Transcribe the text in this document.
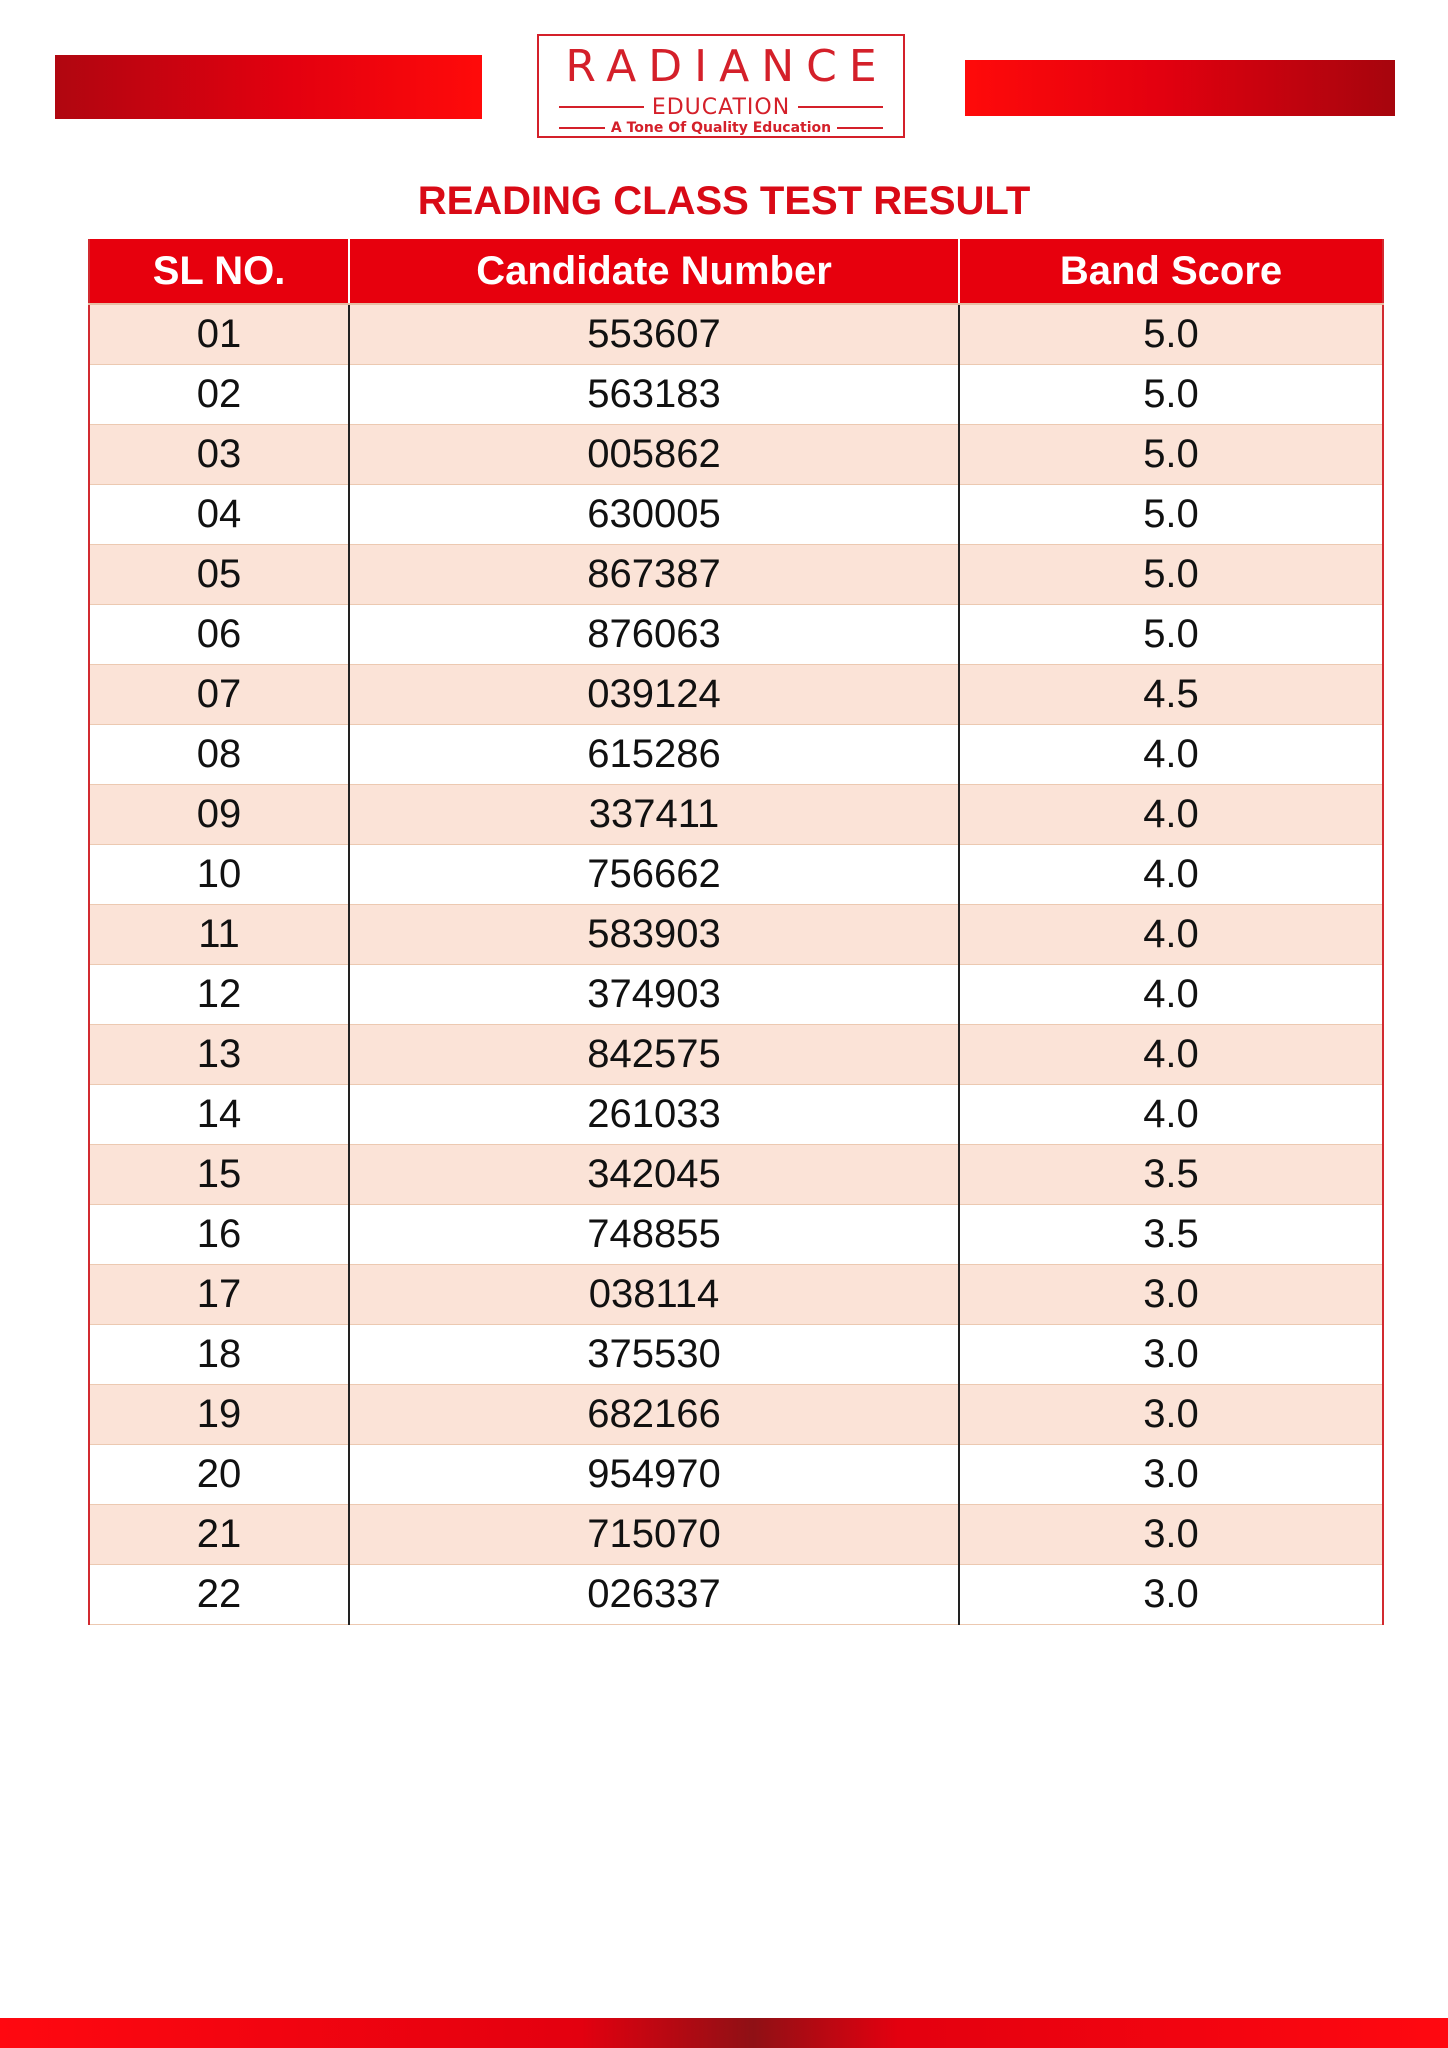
RADIANCE
EDUCATION
A Tone Of Quality Education
READING CLASS TEST RESULT
SL NO.	Candidate Number	Band Score
01	553607	5.0
02	563183	5.0
03	005862	5.0
04	630005	5.0
05	867387	5.0
06	876063	5.0
07	039124	4.5
08	615286	4.0
09	337411	4.0
10	756662	4.0
11	583903	4.0
12	374903	4.0
13	842575	4.0
14	261033	4.0
15	342045	3.5
16	748855	3.5
17	038114	3.0
18	375530	3.0
19	682166	3.0
20	954970	3.0
21	715070	3.0
22	026337	3.0
